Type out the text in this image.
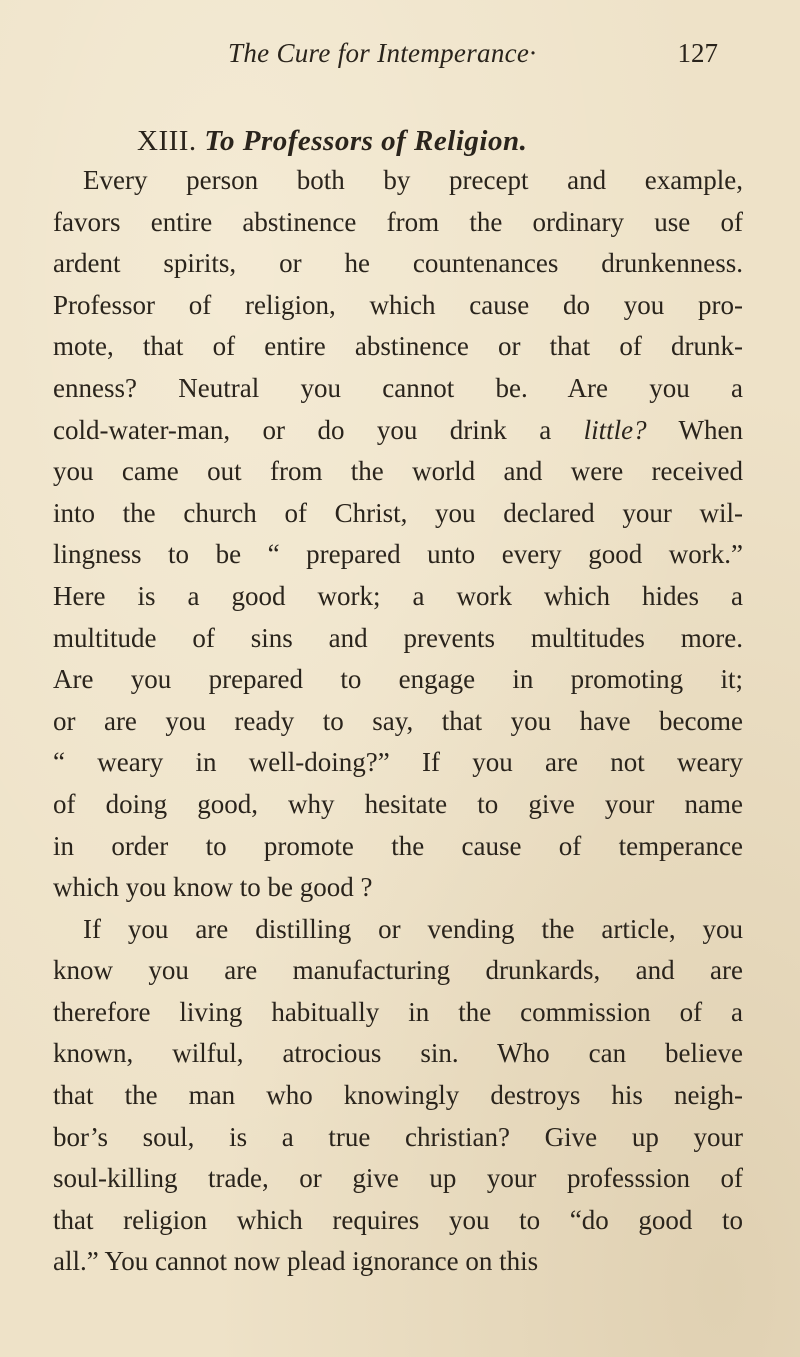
The Cure for Intemperance·	127
XIII. To Professors of Religion.
Every person both by precept and example,
favors entire abstinence from the ordinary use of
ardent spirits, or he countenances drunkenness.
Professor of religion, which cause do you pro-
mote, that of entire abstinence or that of drunk-
enness? Neutral you cannot be. Are you a
cold-water-man, or do you drink a little? When
you came out from the world and were received
into the church of Christ, you declared your wil-
lingness to be “ prepared unto every good work.”
Here is a good work; a work which hides a
multitude of sins and prevents multitudes more.
Are you prepared to engage in promoting it;
or are you ready to say, that you have become
“ weary in well-doing?” If you are not weary
of doing good, why hesitate to give your name
in order to promote the cause of temperance
which you know to be good ?
If you are distilling or vending the article, you
know you are manufacturing drunkards, and are
therefore living habitually in the commission of a
known, wilful, atrocious sin. Who can believe
that the man who knowingly destroys his neigh-
bor’s soul, is a true christian? Give up your
soul-killing trade, or give up your professsion of
that religion which requires you to “do good to
all.” You cannot now plead ignorance on this
